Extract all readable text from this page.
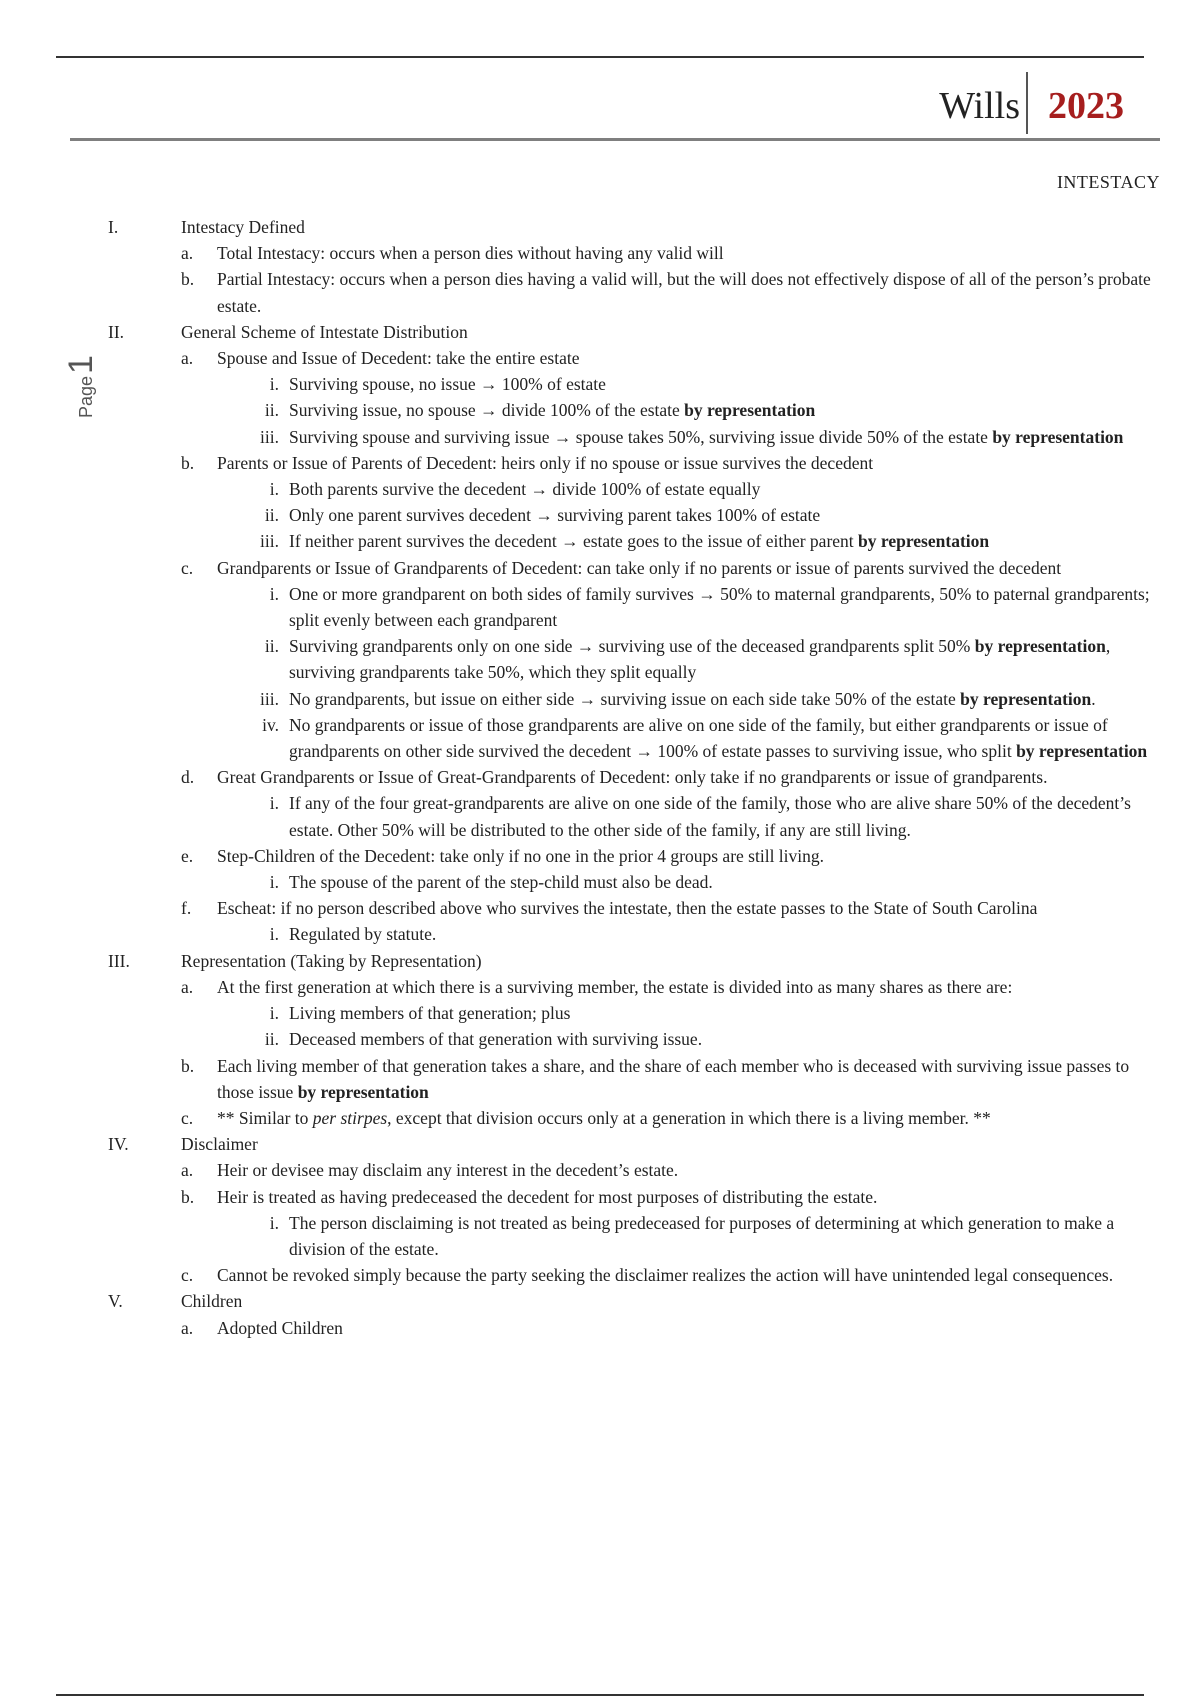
Wills 2023
INTESTACY
Page1
I.	Intestacy Defined
a. Total Intestacy: occurs when a person dies without having any valid will
b. Partial Intestacy: occurs when a person dies having a valid will, but the will does not effectively dispose of all of the person’s probate estate.
II.	General Scheme of Intestate Distribution
a. Spouse and Issue of Decedent: take the entire estate
i. Surviving spouse, no issue → 100% of estate
ii. Surviving issue, no spouse → divide 100% of the estate by representation
iii. Surviving spouse and surviving issue → spouse takes 50%, surviving issue divide 50% of the estate by representation
b. Parents or Issue of Parents of Decedent: heirs only if no spouse or issue survives the decedent
i. Both parents survive the decedent → divide 100% of estate equally
ii. Only one parent survives decedent → surviving parent takes 100% of estate
iii. If neither parent survives the decedent → estate goes to the issue of either parent by representation
c. Grandparents or Issue of Grandparents of Decedent: can take only if no parents or issue of parents survived the decedent
i. One or more grandparent on both sides of family survives → 50% to maternal grandparents, 50% to paternal grandparents; split evenly between each grandparent
ii. Surviving grandparents only on one side → surviving use of the deceased grandparents split 50% by representation, surviving grandparents take 50%, which they split equally
iii. No grandparents, but issue on either side → surviving issue on each side take 50% of the estate by representation.
iv. No grandparents or issue of those grandparents are alive on one side of the family, but either grandparents or issue of grandparents on other side survived the decedent → 100% of estate passes to surviving issue, who split by representation
d. Great Grandparents or Issue of Great-Grandparents of Decedent: only take if no grandparents or issue of grandparents.
i. If any of the four great-grandparents are alive on one side of the family, those who are alive share 50% of the decedent’s estate. Other 50% will be distributed to the other side of the family, if any are still living.
e. Step-Children of the Decedent: take only if no one in the prior 4 groups are still living.
i. The spouse of the parent of the step-child must also be dead.
f. Escheat: if no person described above who survives the intestate, then the estate passes to the State of South Carolina
i. Regulated by statute.
III.	Representation (Taking by Representation)
a. At the first generation at which there is a surviving member, the estate is divided into as many shares as there are:
i. Living members of that generation; plus
ii. Deceased members of that generation with surviving issue.
b. Each living member of that generation takes a share, and the share of each member who is deceased with surviving issue passes to those issue by representation
c. ** Similar to per stirpes, except that division occurs only at a generation in which there is a living member. **
IV.	Disclaimer
a. Heir or devisee may disclaim any interest in the decedent’s estate.
b. Heir is treated as having predeceased the decedent for most purposes of distributing the estate.
i. The person disclaiming is not treated as being predeceased for purposes of determining at which generation to make a division of the estate.
c. Cannot be revoked simply because the party seeking the disclaimer realizes the action will have unintended legal consequences.
V.	Children
a. Adopted Children
